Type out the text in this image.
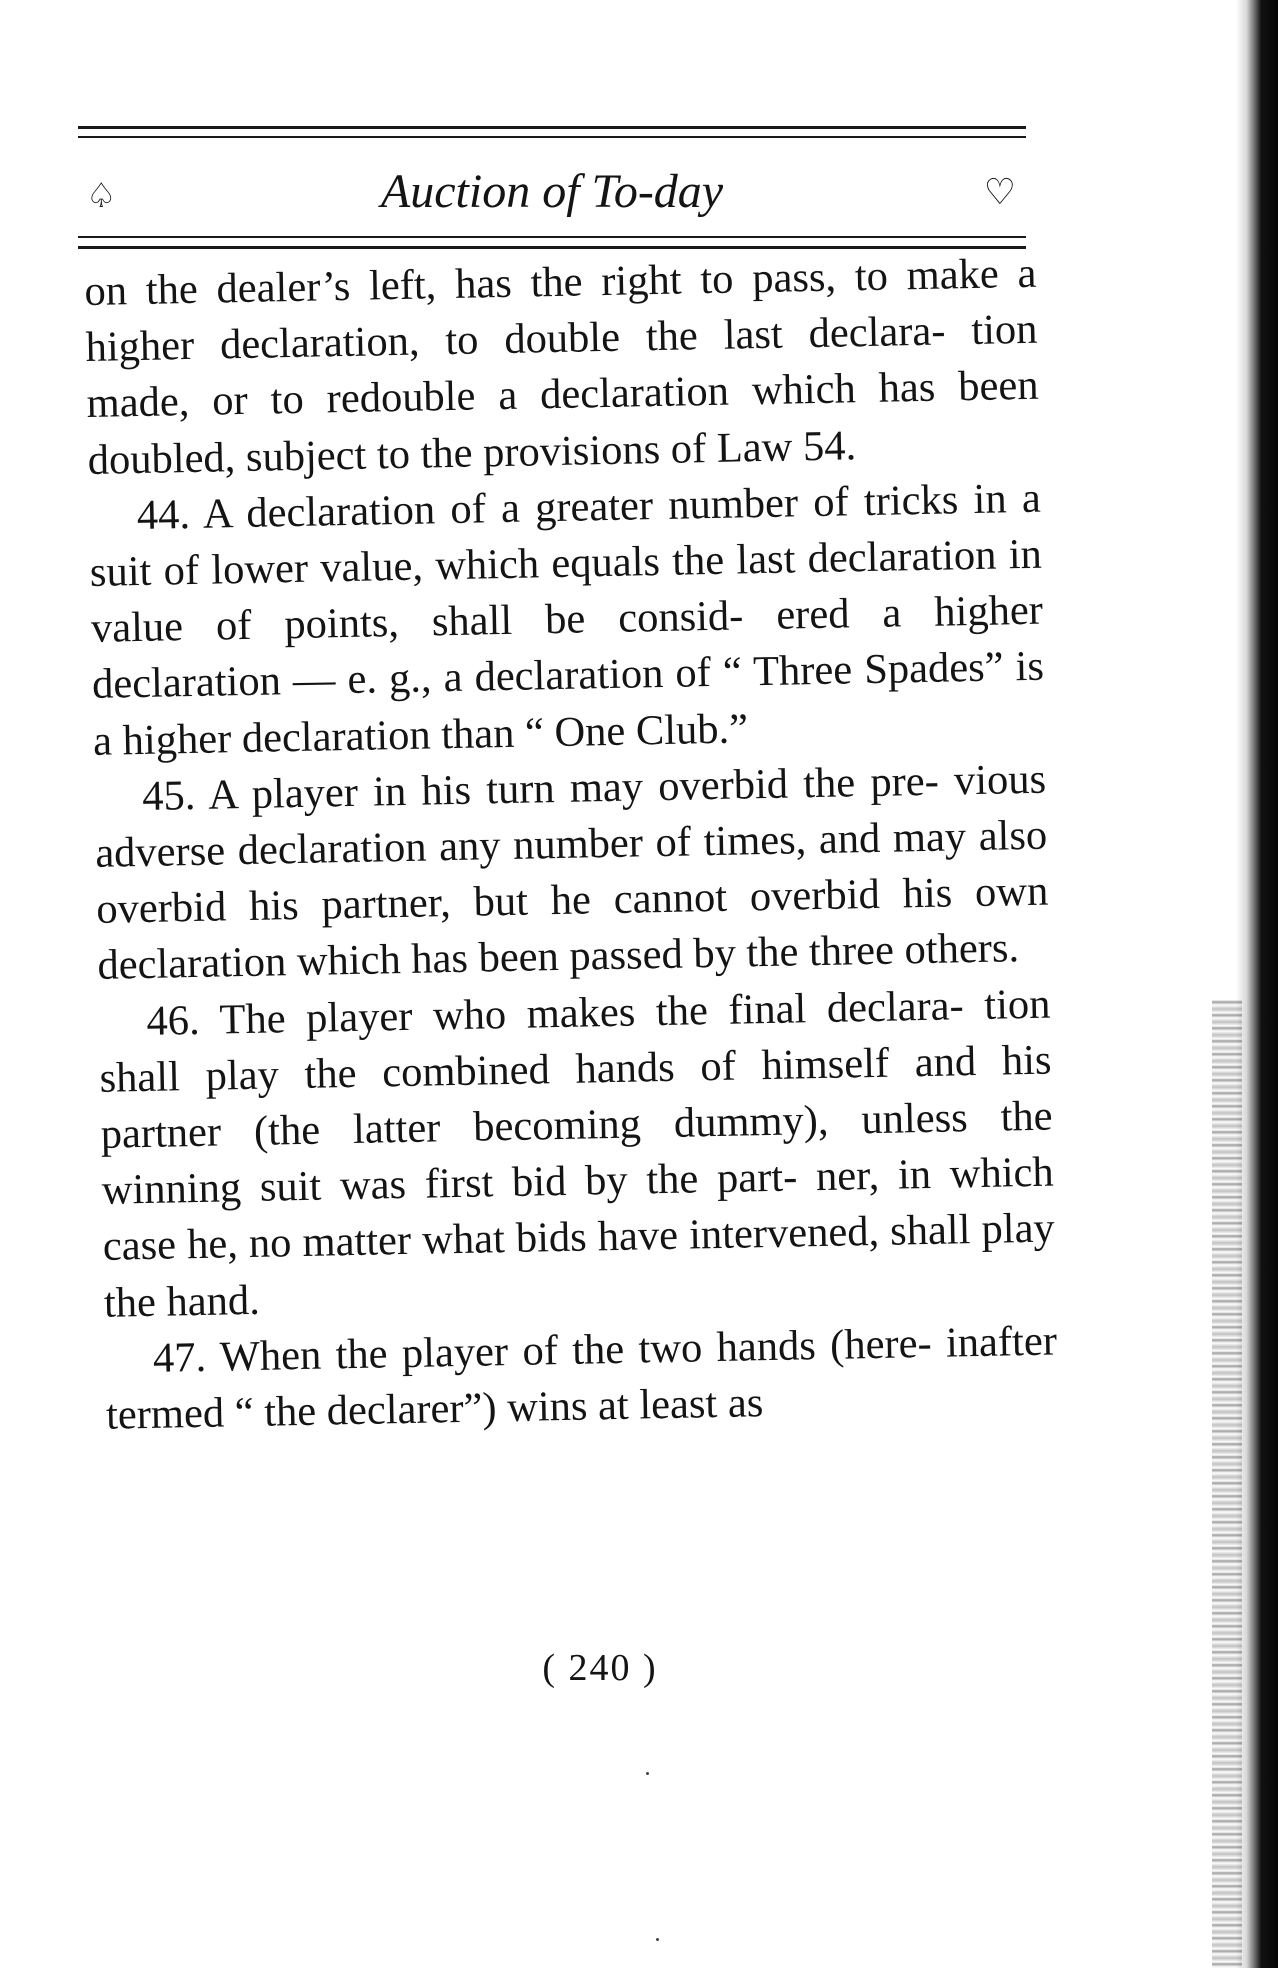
♤	Auction of To-day	♡

on the dealer’s left, has the right to pass, to make a higher declaration, to double the last declara- tion made, or to redouble a declaration which has been doubled, subject to the provisions of Law 54.

44. A declaration of a greater number of tricks in a suit of lower value, which equals the last declaration in value of points, shall be consid- ered a higher declaration — e. g., a declaration of “ Three Spades” is a higher declaration than “ One Club.”

45. A player in his turn may overbid the pre- vious adverse declaration any number of times, and may also overbid his partner, but he cannot overbid his own declaration which has been passed by the three others.

46. The player who makes the final declara- tion shall play the combined hands of himself and his partner (the latter becoming dummy), unless the winning suit was first bid by the part- ner, in which case he, no matter what bids have intervened, shall play the hand.

47. When the player of the two hands (here- inafter termed “ the declarer”) wins at least as

( 240 )
